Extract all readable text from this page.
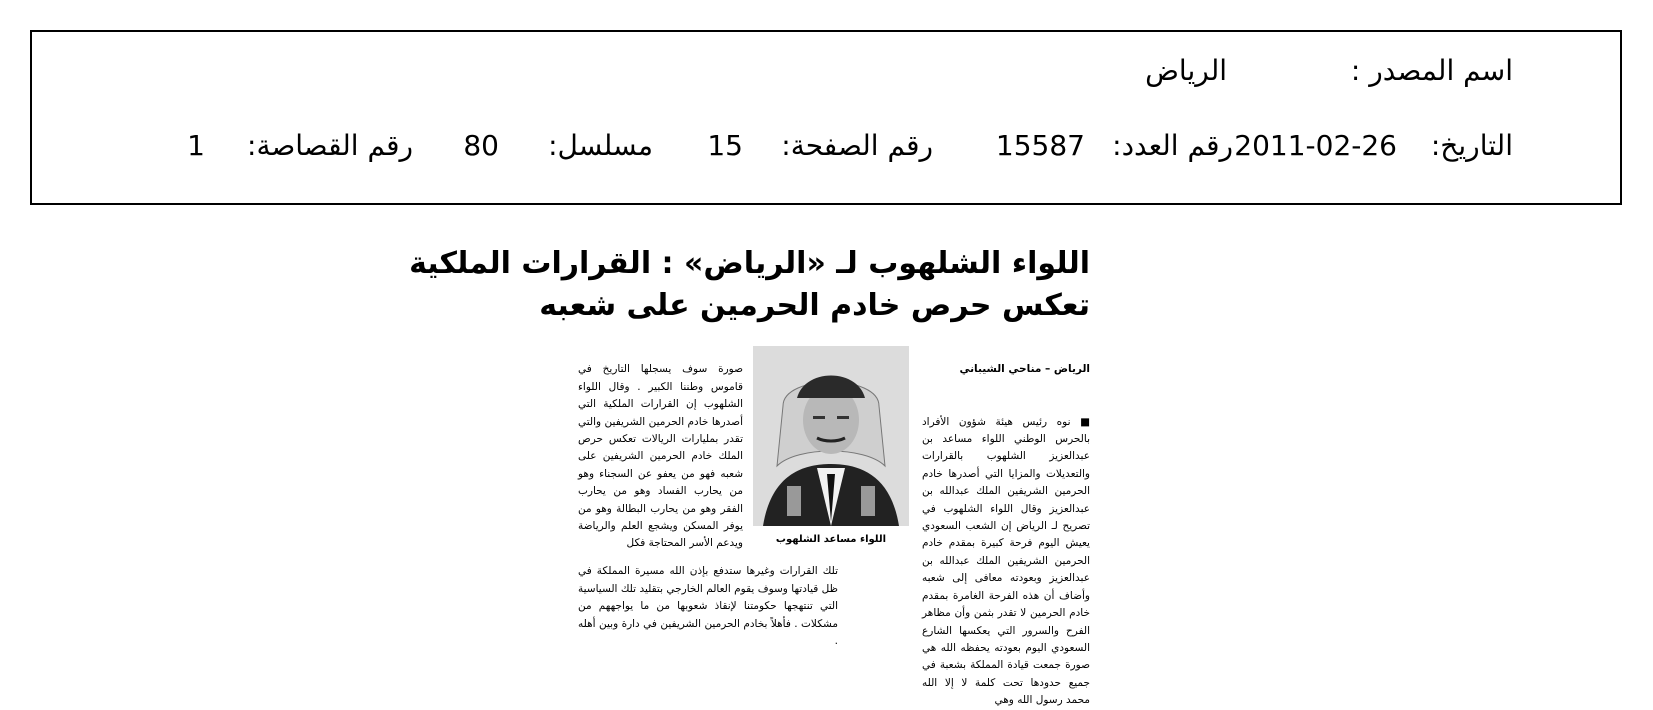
اسم المصدر :
الرياض
التاريخ:
2011-02-26
رقم العدد:
15587
رقم الصفحة:
15
مسلسل:
80
رقم القصاصة:
1
اللواء الشلهوب لـ «الرياض» : القرارات الملكية
تعكس حرص خادم الحرمين على شعبه

الرياض – مناحي الشيباني

■ نوه رئيس هيئة شؤون الأفراد بالحرس الوطني اللواء مساعد بن عبدالعزيز الشلهوب بالقرارات والتعديلات والمزايا التي أصدرها خادم الحرمين الشريفين الملك عبدالله بن عبدالعزيز وقال اللواء الشلهوب في تصريح لـ الرياض إن الشعب السعودي يعيش اليوم فرحة كبيرة بمقدم خادم الحرمين الشريفين الملك عبدالله بن عبدالعزيز وبعودته معافى إلى شعبه وأضاف أن هذه الفرحة الغامرة بمقدم خادم الحرمين لا تقدر بثمن وأن مظاهر الفرح والسرور التي يعكسها الشارع السعودي اليوم بعودته يحفظه الله هي صورة جمعت قيادة المملكة بشعبة في جميع حدودها تحت كلمة لا إلا الله محمد رسول الله وهي

اللواء مساعد الشلهوب

صورة سوف يسجلها التاريخ في قاموس وطننا الكبير . وقال اللواء الشلهوب إن القرارات الملكية التي أصدرها خادم الحرمين الشريفين والتي تقدر بمليارات الريالات تعكس حرص الملك خادم الحرمين الشريفين على شعبه فهو من يعفو عن السجناء وهو من يحارب الفساد وهو من يحارب الفقر وهو من يحارب البطالة وهو من يوفر المسكن ويشجع العلم والرياضة ويدعم الأسر المحتاجة فكل

تلك القرارات وغيرها ستدفع بإذن الله مسيرة المملكة في ظل قيادتها وسوف يقوم العالم الخارجي بتقليد تلك السياسية التي تنتهجها حكومتنا لإنقاذ شعوبها من ما يواجههم من مشكلات . فأهلاً بخادم الحرمين الشريفين في دارة وبين أهله .
